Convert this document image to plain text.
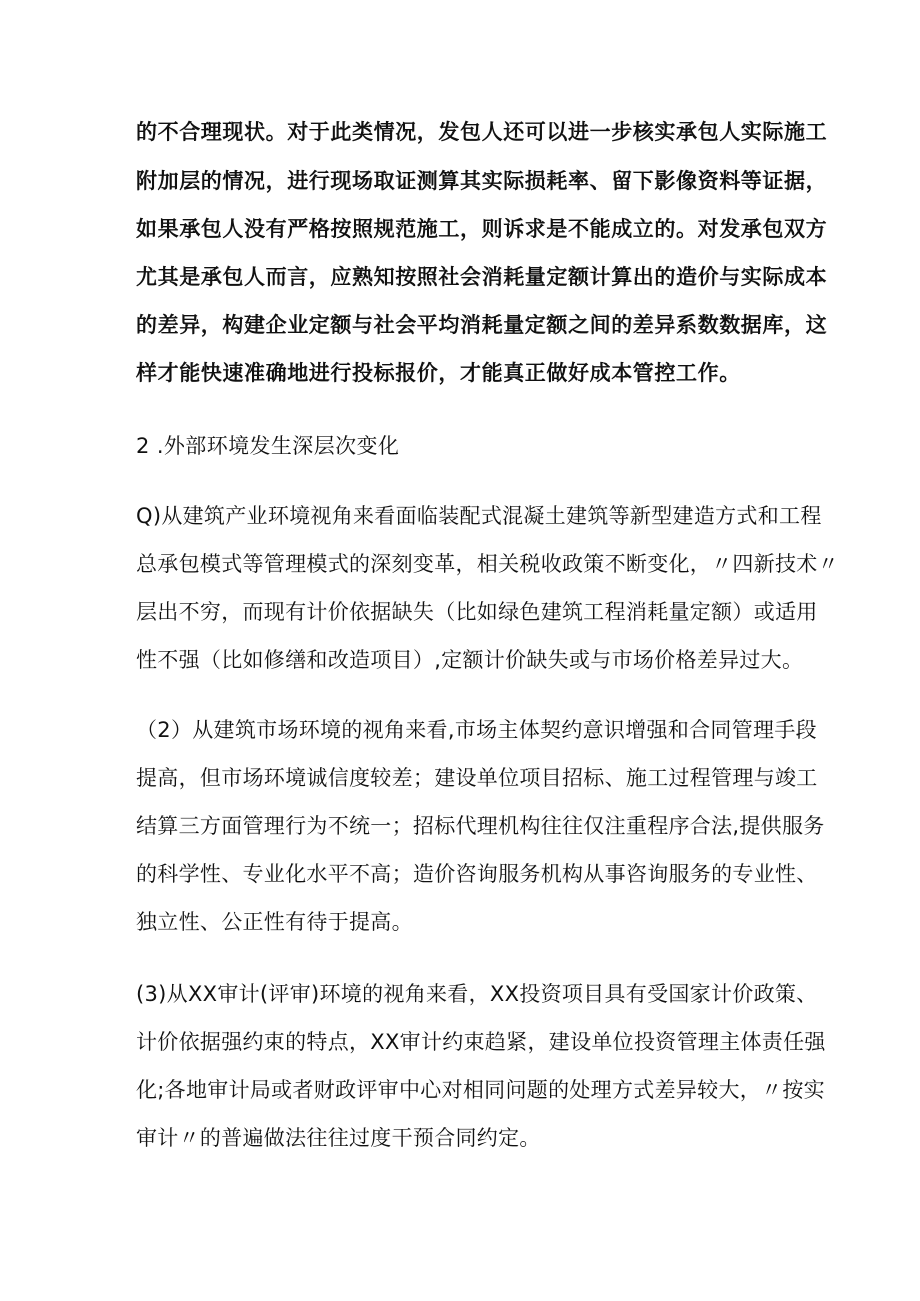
的不合理现状。对于此类情况，发包人还可以进一步核实承包人实际施工
附加层的情况，进行现场取证测算其实际损耗率、留下影像资料等证据，
如果承包人没有严格按照规范施工，则诉求是不能成立的。对发承包双方
尤其是承包人而言，应熟知按照社会消耗量定额计算出的造价与实际成本
的差异，构建企业定额与社会平均消耗量定额之间的差异系数数据库，这
样才能快速准确地进行投标报价，才能真正做好成本管控工作。
2 .外部环境发生深层次变化
Q)从建筑产业环境视角来看面临装配式混凝土建筑等新型建造方式和工程
总承包模式等管理模式的深刻变革，相关税收政策不断变化，〃四新技术〃
层出不穷，而现有计价依据缺失（比如绿色建筑工程消耗量定额）或适用
性不强（比如修缮和改造项目）,定额计价缺失或与市场价格差异过大。
（2）从建筑市场环境的视角来看,市场主体契约意识增强和合同管理手段
提高，但市场环境诚信度较差；建设单位项目招标、施工过程管理与竣工
结算三方面管理行为不统一；招标代理机构往往仅注重程序合法,提供服务
的科学性、专业化水平不高；造价咨询服务机构从事咨询服务的专业性、
独立性、公正性有待于提高。
(3)从XX审计(评审)环境的视角来看，XX投资项目具有受国家计价政策、
计价依据强约束的特点，XX审计约束趋紧，建设单位投资管理主体责任强
化;各地审计局或者财政评审中心对相同问题的处理方式差异较大，〃按实
审计〃的普遍做法往往过度干预合同约定。
